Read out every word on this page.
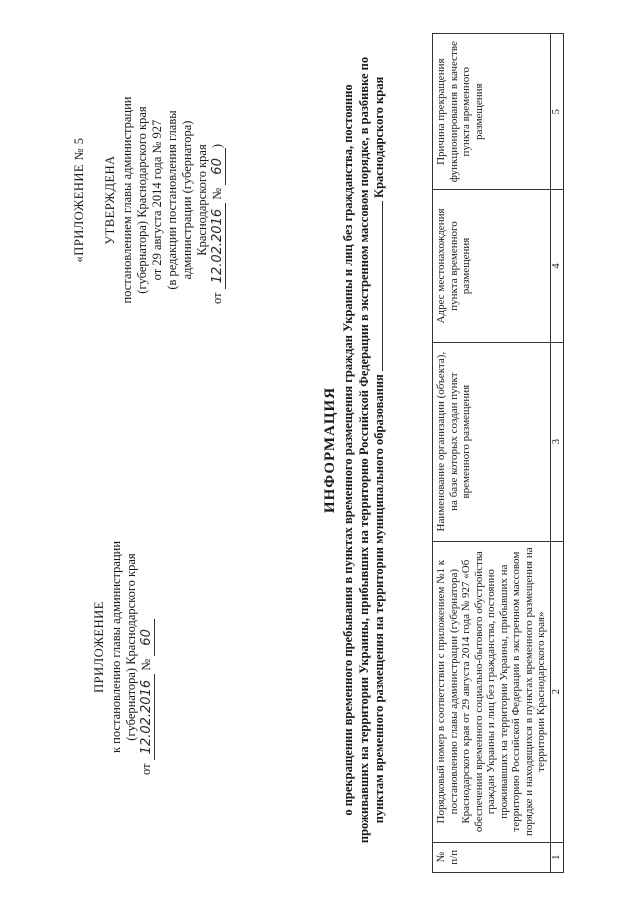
ПРИЛОЖЕНИЕ к постановлению главы администрации (губернатора) Краснодарского края
от 12.02.2016 № 60
«ПРИЛОЖЕНИЕ № 5 УТВЕРЖДЕНА постановлением главы администрации (губернатора) Краснодарского края от 29 августа 2014 года № 927 (в редакции постановления главы администрации (губернатора) Краснодарского края
от 12.02.2016 № 60)
ИНФОРМАЦИЯ о прекращении временного пребывания в пунктах временного размещения граждан Украины и лиц без гражданства, постоянно проживавших на территории Украины, прибывших на территорию Российской Федерации в экстренном массовом порядке, в разбивке по пунктам временного размещения на территории муниципального образования  Краснодарского края
№ п/п	Порядковый номер в соответствии с приложением №1 к постановлению главы администрации (губернатора) Краснодарского края от 29 августа 2014 года № 927 «Об обеспечении временного социально-бытового обустройства граждан Украины и лиц без гражданства, постоянно проживавших на территории Украины, прибывших на территорию Российской Федерации в экстренном массовом порядке и находящихся в пунктах временного размещения на территории Краснодарского края»	Наименование организации (объекта), на базе которых создан пункт временного размещения	Адрес местонахождения пункта временного размещения	Причина прекращения функционирования в качестве пункта временного размещения
1	2	3	4	5
